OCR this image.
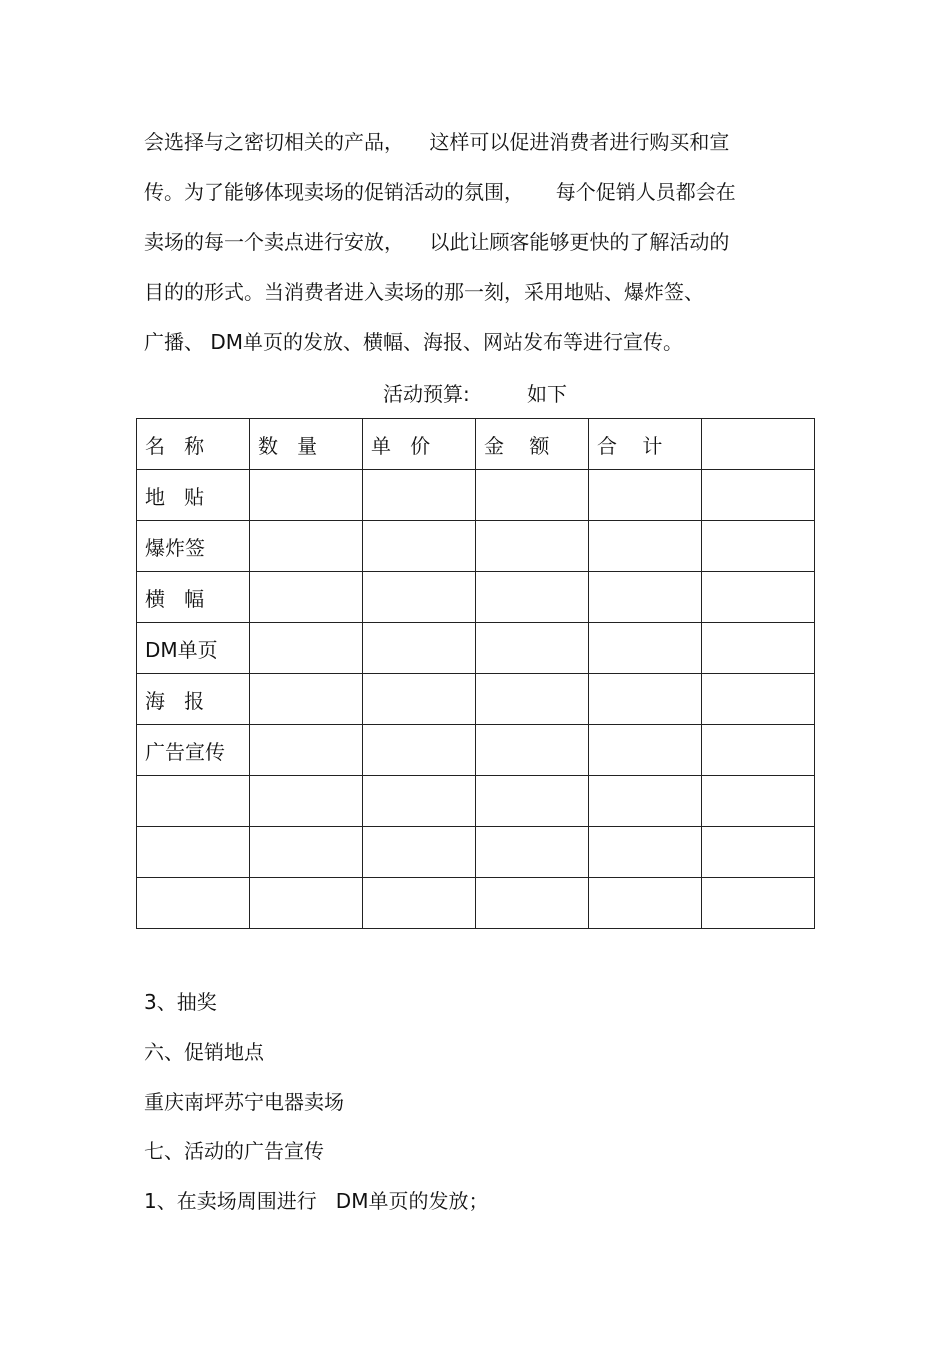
会选择与之密切相关的产品，    这样可以促进消费者进行购买和宣
传。为了能够体现卖场的促销活动的氛围，     每个促销人员都会在
卖场的每一个卖点进行安放，    以此让顾客能够更快的了解活动的
目的的形式。当消费者进入卖场的那一刻，采用地贴、爆炸签、
广播、 DM单页的发放、横幅、海报、网站发布等进行宣传。
活动预算:         如下
名   称	数   量	单   价	金    额	合    计	
地   贴					
爆炸签					
横   幅					
DM单页					
海   报					
广告宣传					

3、抽奖
六、促销地点
重庆南坪苏宁电器卖场
七、活动的广告宣传
1、在卖场周围进行   DM单页的发放；
